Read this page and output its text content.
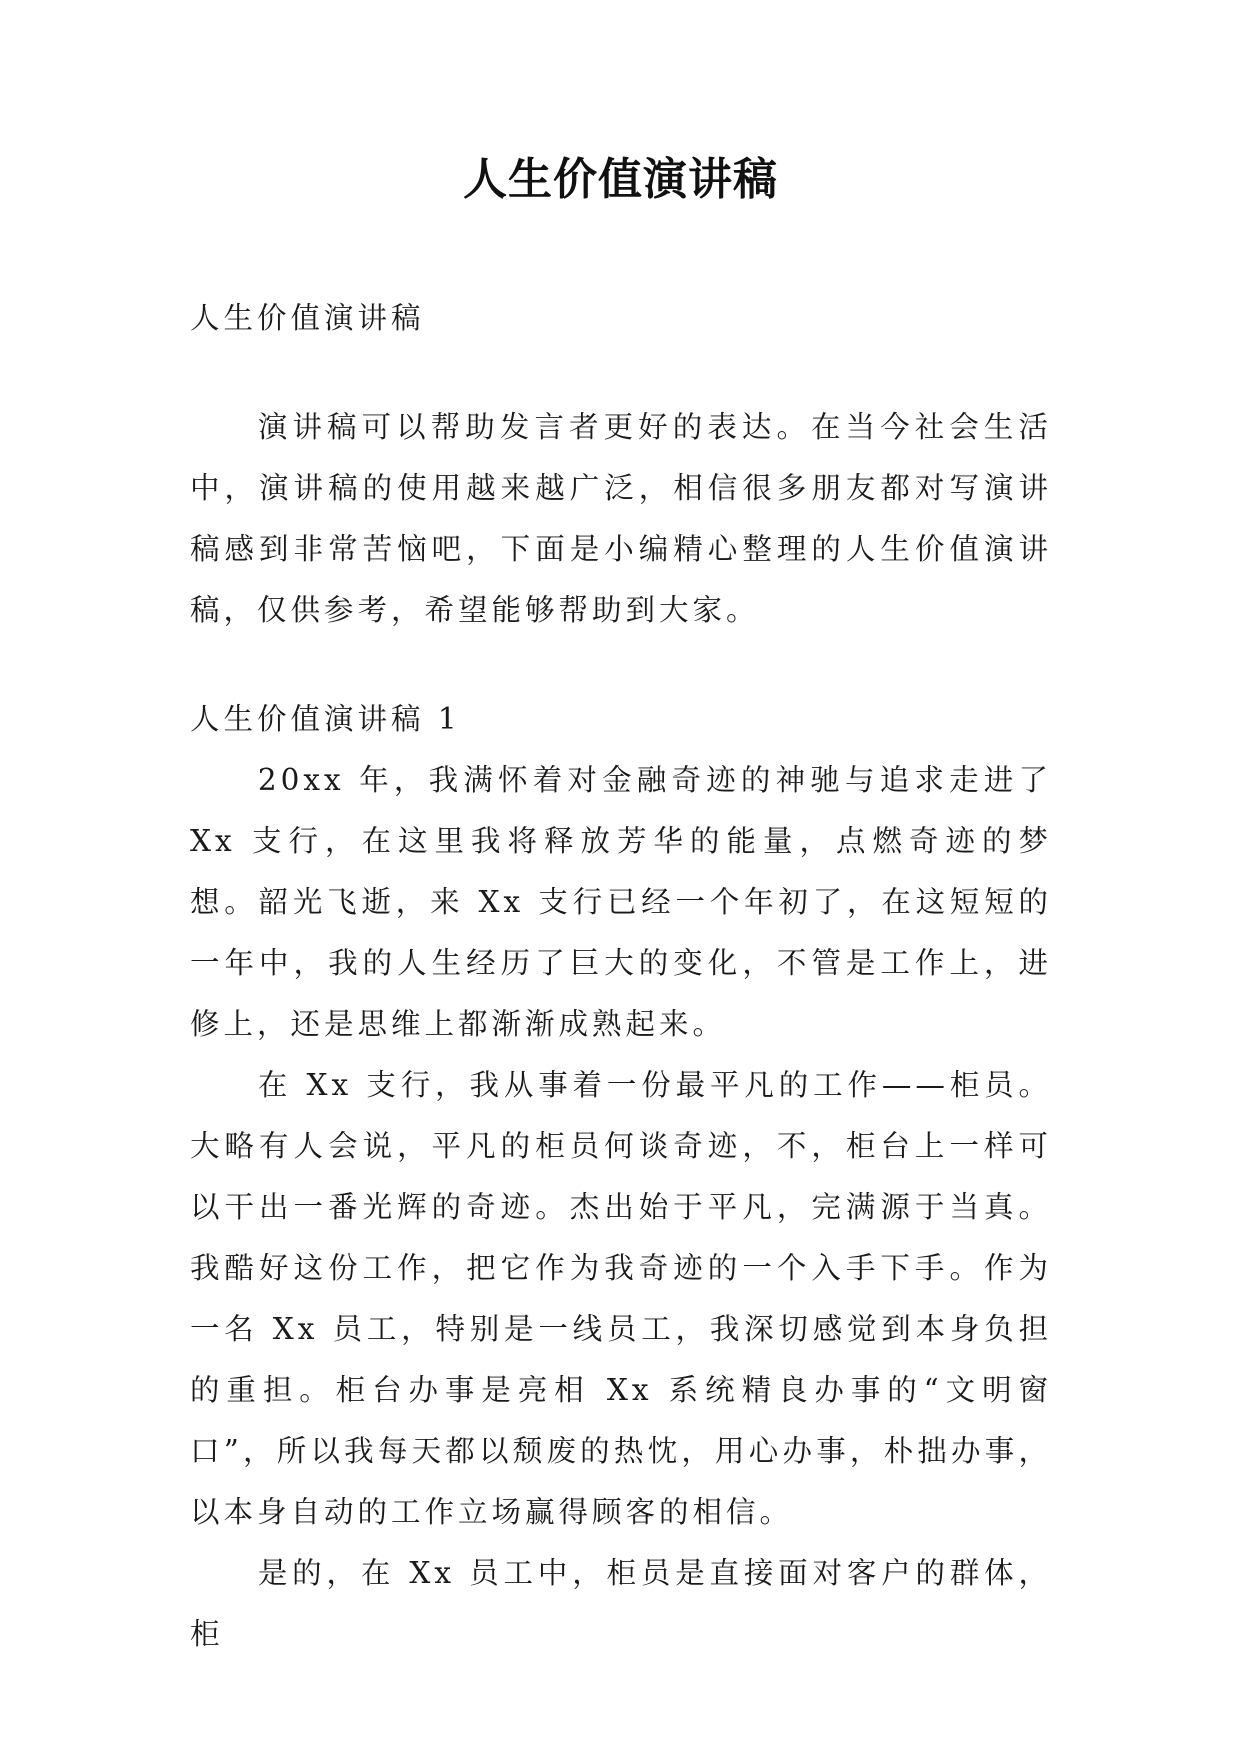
人生价值演讲稿

人生价值演讲稿

演讲稿可以帮助发言者更好的表达。在当今社会生活中，演讲稿的使用越来越广泛，相信很多朋友都对写演讲稿感到非常苦恼吧，下面是小编精心整理的人生价值演讲稿，仅供参考，希望能够帮助到大家。

人生价值演讲稿 1

20xx 年，我满怀着对金融奇迹的神驰与追求走进了 Xx 支行，在这里我将释放芳华的能量，点燃奇迹的梦想。韶光飞逝，来 Xx 支行已经一个年初了，在这短短的一年中，我的人生经历了巨大的变化，不管是工作上，进修上，还是思维上都渐渐成熟起来。

在 Xx 支行，我从事着一份最平凡的工作——柜员。大略有人会说，平凡的柜员何谈奇迹，不，柜台上一样可以干出一番光辉的奇迹。杰出始于平凡，完满源于当真。我酷好这份工作，把它作为我奇迹的一个入手下手。作为一名 Xx 员工，特别是一线员工，我深切感觉到本身负担的重担。柜台办事是亮相 Xx 系统精良办事的“文明窗口”，所以我每天都以颓废的热忱，用心办事，朴拙办事，以本身自动的工作立场赢得顾客的相信。

是的，在 Xx 员工中，柜员是直接面对客户的群体，柜
